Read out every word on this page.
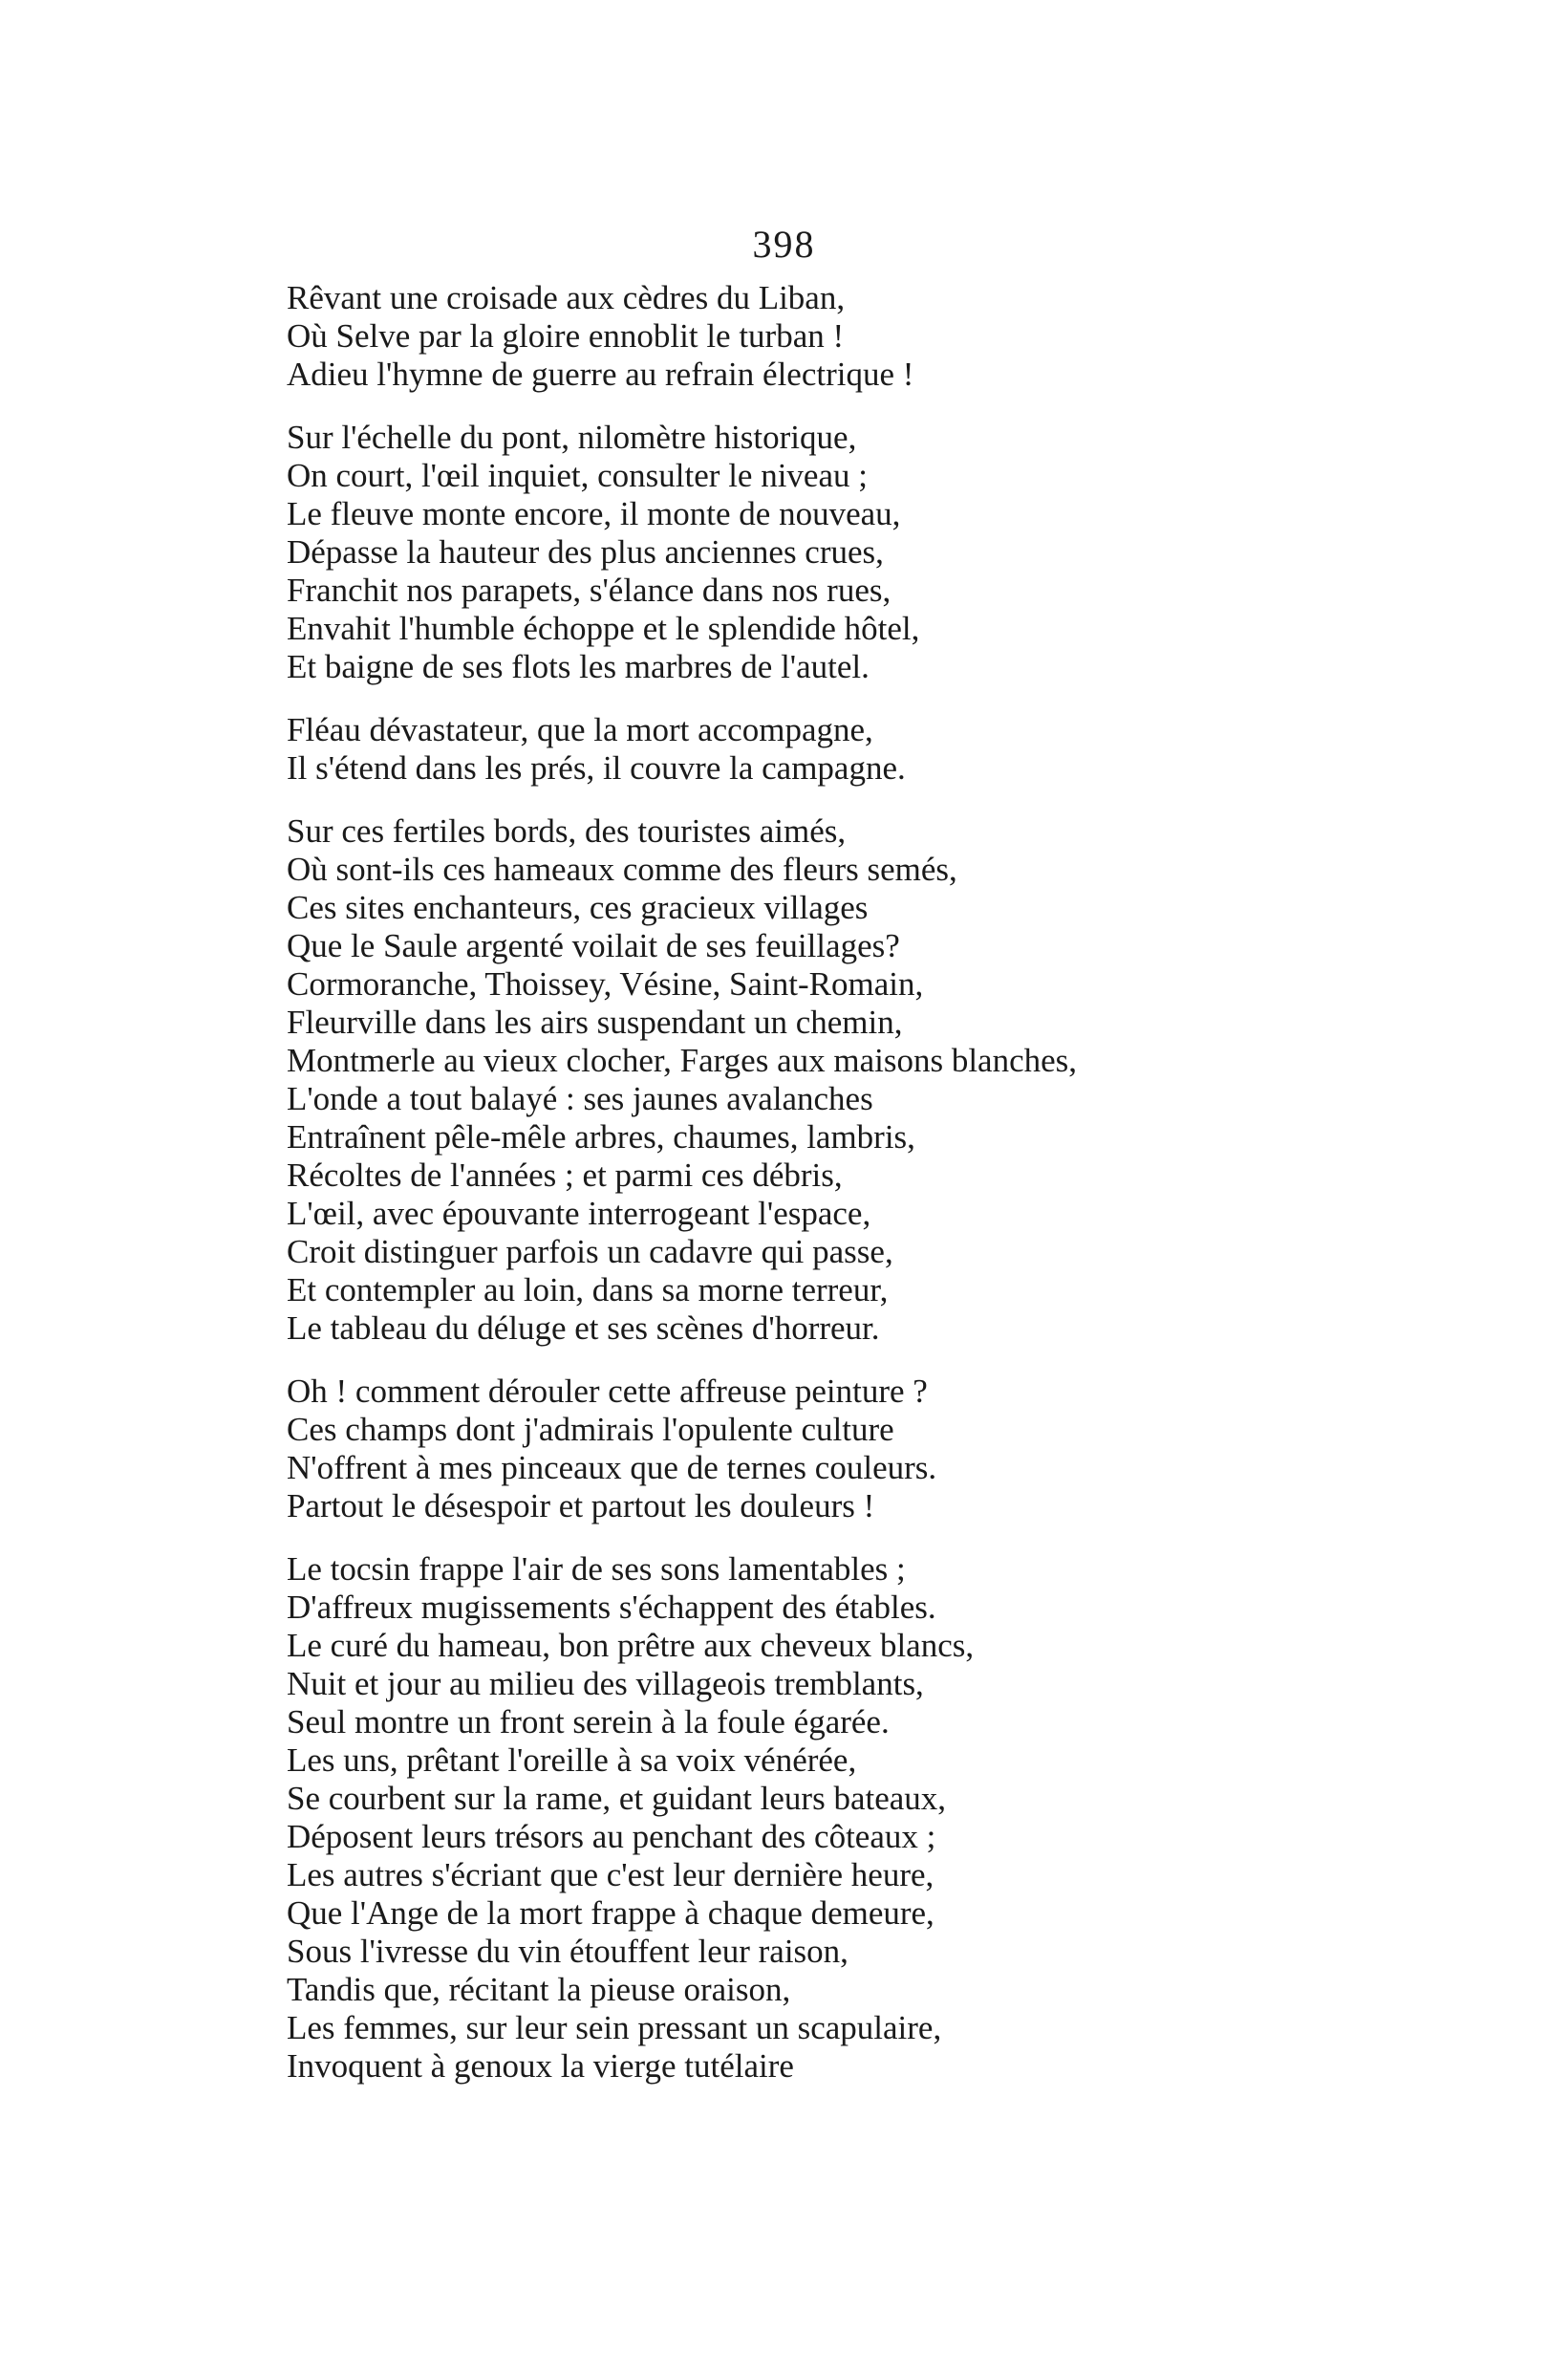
398
Rêvant une croisade aux cèdres du Liban,
Où Selve par la gloire ennoblit le turban !
Adieu l'hymne de guerre au refrain électrique !
Sur l'échelle du pont, nilomètre historique,
On court, l'œil inquiet, consulter le niveau ;
Le fleuve monte encore, il monte de nouveau,
Dépasse la hauteur des plus anciennes crues,
Franchit nos parapets, s'élance dans nos rues,
Envahit l'humble échoppe et le splendide hôtel,
Et baigne de ses flots les marbres de l'autel.
Fléau dévastateur, que la mort accompagne,
Il s'étend dans les prés, il couvre la campagne.
Sur ces fertiles bords, des touristes aimés,
Où sont-ils ces hameaux comme des fleurs semés,
Ces sites enchanteurs, ces gracieux villages
Que le Saule argenté voilait de ses feuillages?
Cormoranche, Thoissey, Vésine, Saint-Romain,
Fleurville dans les airs suspendant un chemin,
Montmerle au vieux clocher, Farges aux maisons blanches,
L'onde a tout balayé : ses jaunes avalanches
Entraînent pêle-mêle arbres, chaumes, lambris,
Récoltes de l'années ; et parmi ces débris,
L'œil, avec épouvante interrogeant l'espace,
Croit distinguer parfois un cadavre qui passe,
Et contempler au loin, dans sa morne terreur,
Le tableau du déluge et ses scènes d'horreur.
Oh ! comment dérouler cette affreuse peinture ?
Ces champs dont j'admirais l'opulente culture
N'offrent à mes pinceaux que de ternes couleurs.
Partout le désespoir et partout les douleurs !
Le tocsin frappe l'air de ses sons lamentables ;
D'affreux mugissements s'échappent des étables.
Le curé du hameau, bon prêtre aux cheveux blancs,
Nuit et jour au milieu des villageois tremblants,
Seul montre un front serein à la foule égarée.
Les uns, prêtant l'oreille à sa voix vénérée,
Se courbent sur la rame, et guidant leurs bateaux,
Déposent leurs trésors au penchant des côteaux ;
Les autres s'écriant que c'est leur dernière heure,
Que l'Ange de la mort frappe à chaque demeure,
Sous l'ivresse du vin étouffent leur raison,
Tandis que, récitant la pieuse oraison,
Les femmes, sur leur sein pressant un scapulaire,
Invoquent à genoux la vierge tutélaire
